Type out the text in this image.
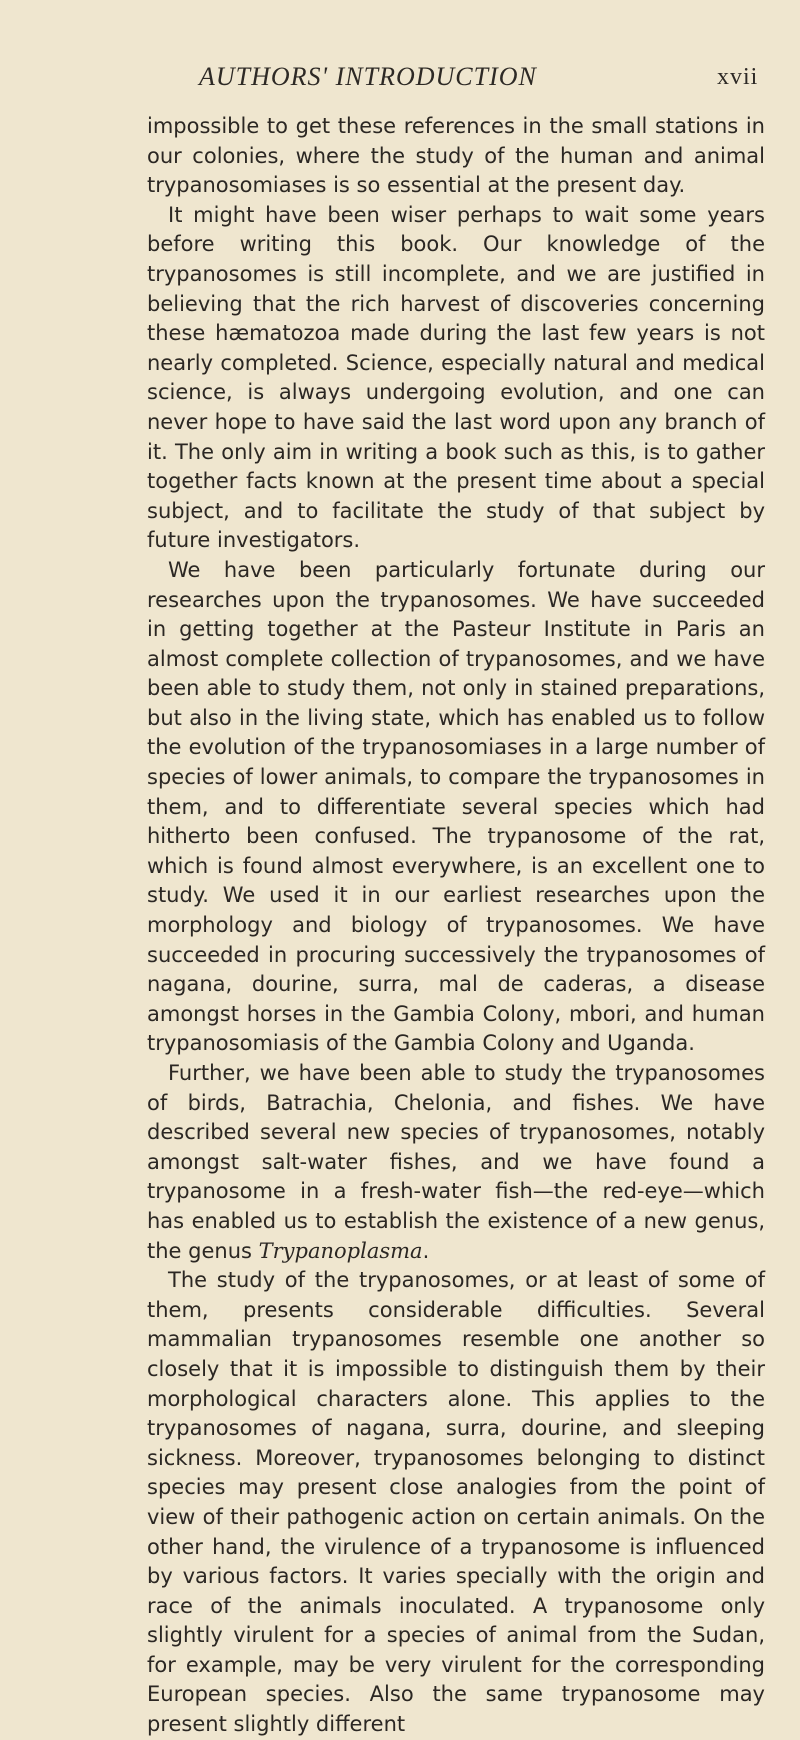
AUTHORS' INTRODUCTION	xvii

impossible to get these references in the small stations in our colonies, where the study of the human and animal trypanosomiases is so essential at the present day.

It might have been wiser perhaps to wait some years before writing this book. Our knowledge of the trypanosomes is still incomplete, and we are justified in believing that the rich harvest of discoveries concerning these hæmatozoa made during the last few years is not nearly completed. Science, especially natural and medical science, is always undergoing evolution, and one can never hope to have said the last word upon any branch of it. The only aim in writing a book such as this, is to gather together facts known at the present time about a special subject, and to facilitate the study of that subject by future investigators.

We have been particularly fortunate during our researches upon the trypanosomes. We have succeeded in getting together at the Pasteur Institute in Paris an almost complete collection of trypanosomes, and we have been able to study them, not only in stained preparations, but also in the living state, which has enabled us to follow the evolution of the trypanosomiases in a large number of species of lower animals, to compare the trypanosomes in them, and to differentiate several species which had hitherto been confused. The trypanosome of the rat, which is found almost everywhere, is an excellent one to study. We used it in our earliest researches upon the morphology and biology of trypanosomes. We have succeeded in procuring successively the trypanosomes of nagana, dourine, surra, mal de caderas, a disease amongst horses in the Gambia Colony, mbori, and human trypanosomiasis of the Gambia Colony and Uganda.

Further, we have been able to study the trypanosomes of birds, Batrachia, Chelonia, and fishes. We have described several new species of trypanosomes, notably amongst salt-water fishes, and we have found a trypanosome in a fresh-water fish—the red-eye—which has enabled us to establish the existence of a new genus, the genus Trypanoplasma.

The study of the trypanosomes, or at least of some of them, presents considerable difficulties. Several mammalian trypanosomes resemble one another so closely that it is impossible to distinguish them by their morphological characters alone. This applies to the trypanosomes of nagana, surra, dourine, and sleeping sickness. Moreover, trypanosomes belonging to distinct species may present close analogies from the point of view of their pathogenic action on certain animals. On the other hand, the virulence of a trypanosome is influenced by various factors. It varies specially with the origin and race of the animals inoculated. A trypanosome only slightly virulent for a species of animal from the Sudan, for example, may be very virulent for the corresponding European species. Also the same trypanosome may present slightly different
